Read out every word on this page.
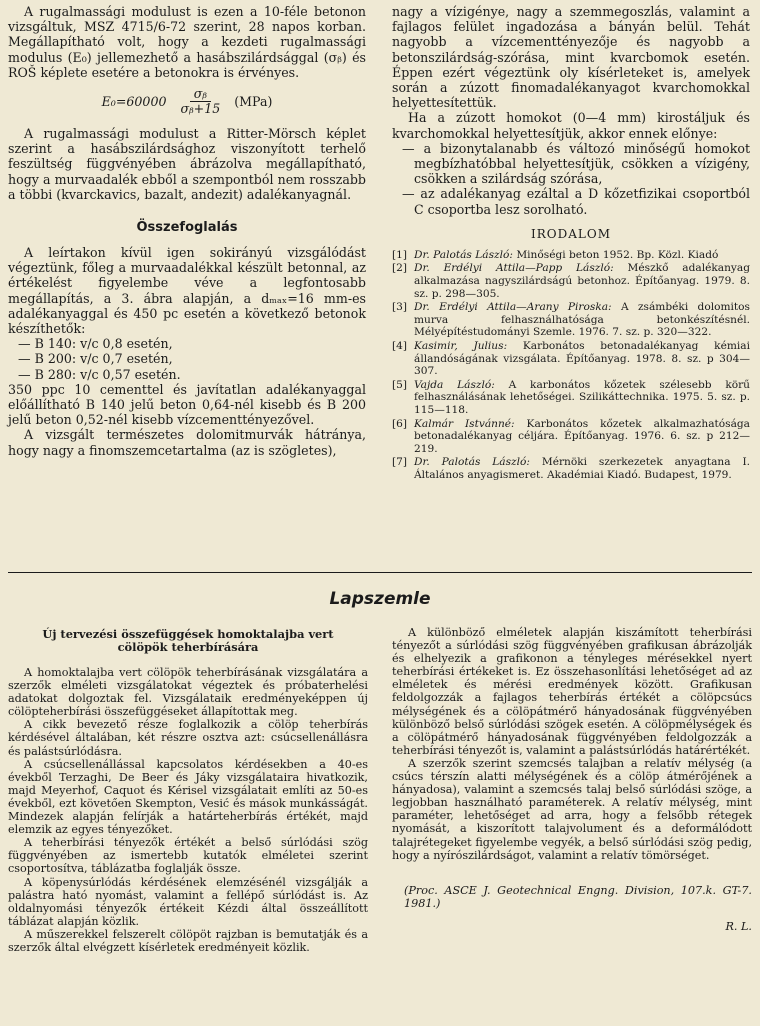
A rugalmassági modulust is ezen a 10-féle betonon vizsgáltuk, MSZ 4715/6-72 szerint, 28 napos korban. Megállapítható volt, hogy a kezdeti rugalmassági modulus (E₀) jellemezhető a hasábszilárdsággal (σᵦ) és ROŠ képlete esetére a betonokra is érvényes.

$E_0=60000 \frac{\text{σᵦ}}{\text{σᵦ+15}} (MPa)$

A rugalmassági modulust a Ritter-Mörsch képlet szerint a hasábszilárdsághoz viszonyított terhelő feszültség függvényében ábrázolva megállapítható, hogy a murvaadalék ebből a szempontból nem rosszabb a többi (kvarckavics, bazalt, andezit) adalékanyagnál.

Összefoglalás

A leírtakon kívül igen sokirányú vizsgálódást végeztünk, főleg a murvaadalékkal készült betonnal, az értékelést figyelembe véve a legfontosabb megállapítás, a 3. ábra alapján, a dₘₐₓ=16 mm-es adalékanyaggal és 450 pc esetén a következő betonok készíthetők:

— B 140: v/c 0,8 esetén,
— B 200: v/c 0,7 esetén,
— B 280: v/c 0,57 esetén.

350 ppc 10 cementtel és javítatlan adalékanyaggal előállítható B 140 jelű beton 0,64-nél kisebb és B 200 jelű beton 0,52-nél kisebb vízcementtényezővel.

A vizsgált természetes dolomitmurvák hátránya, hogy nagy a finomszemcetartalma (az is szögletes),

nagy a vízigénye, nagy a szemmegoszlás, valamint a fajlagos felület ingadozása a bányán belül. Tehát nagyobb a vízcementtényezője és nagyobb a betonszilárdság-szórása, mint kvarcbomok esetén. Éppen ezért végeztünk oly kísérleteket is, amelyek során a zúzott finomadalékanyagot kvarchomokkal helyettesítettük.

Ha a zúzott homokot (0—4 mm) kirostáljuk és kvarchomokkal helyettesítjük, akkor ennek előnye:

— a bizonytalanabb és változó minőségű homokot megbízhatóbbal helyettesítjük, csökken a vízigény, csökken a szilárdság szórása,
— az adalékanyag ezáltal a D kőzetfizikai csoportból C csoportba lesz sorolható.
IRODALOM
[1] Dr. Palotás László: Minőségi beton 1952. Bp. Közl. Kiadó
[2] Dr. Erdélyi Attila—Papp László: Mészkő adalékanyag alkalmazása nagyszilárdságú betonhoz. Építőanyag. 1979. 8. sz. p. 298—305.
[3] Dr. Erdélyi Attila—Arany Piroska: A zsámbéki dolomitos murva felhasználhatósága betonkészítésnél. Mélyépítéstudományi Szemle. 1976. 7. sz. p. 320—322.
[4] Kasimir, Julius: Karbonátos betonadalékanyag kémiai állandóságának vizsgálata. Építőanyag. 1978. 8. sz. p 304—307.
[5] Vajda László: A karbonátos kőzetek szélesebb körű felhasználásának lehetőségei. Szilikáttechnika. 1975. 5. sz. p. 115—118.
[6] Kalmár Istvánné: Karbonátos kőzetek alkalmazhatósága betonadalékanyag céljára. Építőanyag. 1976. 6. sz. p 212—219.
[7] Dr. Palotás László: Mérnöki szerkezetek anyagtana I. Általános anyagismeret. Akadémiai Kiadó. Budapest, 1979.
Lapszemle
Új tervezési összefüggések homoktalajba vert
cölöpök teherbírására

A homoktalajba vert cölöpök teherbírásának vizsgálatára a szerzők elméleti vizsgálatokat végeztek és próbaterhelési adatokat dolgoztak fel. Vizsgálataik eredményeképpen új cölöpteherbírási összefüggéseket állapítottak meg.

A cikk bevezető része foglalkozik a cölöp teherbírás kérdésével általában, két részre osztva azt: csúcsellenállásra és palástsúrlódásra.

A csúcsellenállással kapcsolatos kérdésekben a 40-es évekből Terzaghi, De Beer és Jáky vizsgálataira hivatkozik, majd Meyerhof, Caquot és Kérisel vizsgálatait említi az 50-es évekből, ezt követően Skempton, Vesić és mások munkásságát. Mindezek alapján felírják a határteherbírás értékét, majd elemzik az egyes tényezőket.

A teherbírási tényezők értékét a belső súrlódási szög függvényében az ismertebb kutatók elméletei szerint csoportosítva, táblázatba foglalják össze.

A köpenysúrlódás kérdésének elemzésénél vizsgálják a palástra ható nyomást, valamint a fellépő súrlódást is. Az oldalnyomási tényezők értékeit Kézdi által összeállított táblázat alapján közlik.

A műszerekkel felszerelt cölöpöt rajzban is bemutatják és a szerzők által elvégzett kísérletek eredményeit közlik.

A különböző elméletek alapján kiszámított teherbírási tényezőt a súrlódási szög függvényében grafikusan ábrázolják és elhelyezik a grafikonon a tényleges mérésekkel nyert teherbírási értékeket is. Ez összehasonlítási lehetőséget ad az elméletek és mérési eredmények között. Grafikusan feldolgozzák a fajlagos teherbírás értékét a cölöpcsúcs mélységének és a cölöpátmérő hányadosának függvényében különböző belső súrlódási szögek esetén. A cölöpmélységek és a cölöpátmérő hányadosának függvényében feldolgozzák a teherbírási tényezőt is, valamint a palástsúrlódás határértékét.

A szerzők szerint szemcsés talajban a relatív mélység (a csúcs térszín alatti mélységének és a cölöp átmérőjének a hányadosa), valamint a szemcsés talaj belső súrlódási szöge, a legjobban használható paraméterek. A relatív mélység, mint paraméter, lehetőséget ad arra, hogy a felsőbb rétegek nyomását, a kiszorított talajvolument és a deformálódott talajrétegeket figyelembe vegyék, a belső súrlódási szög pedig, hogy a nyírószilárdságot, valamint a relatív tömörséget.

(Proc. ASCE J. Geotechnical Engng. Division, 107.k. GT-7. 1981.)

R. L.
